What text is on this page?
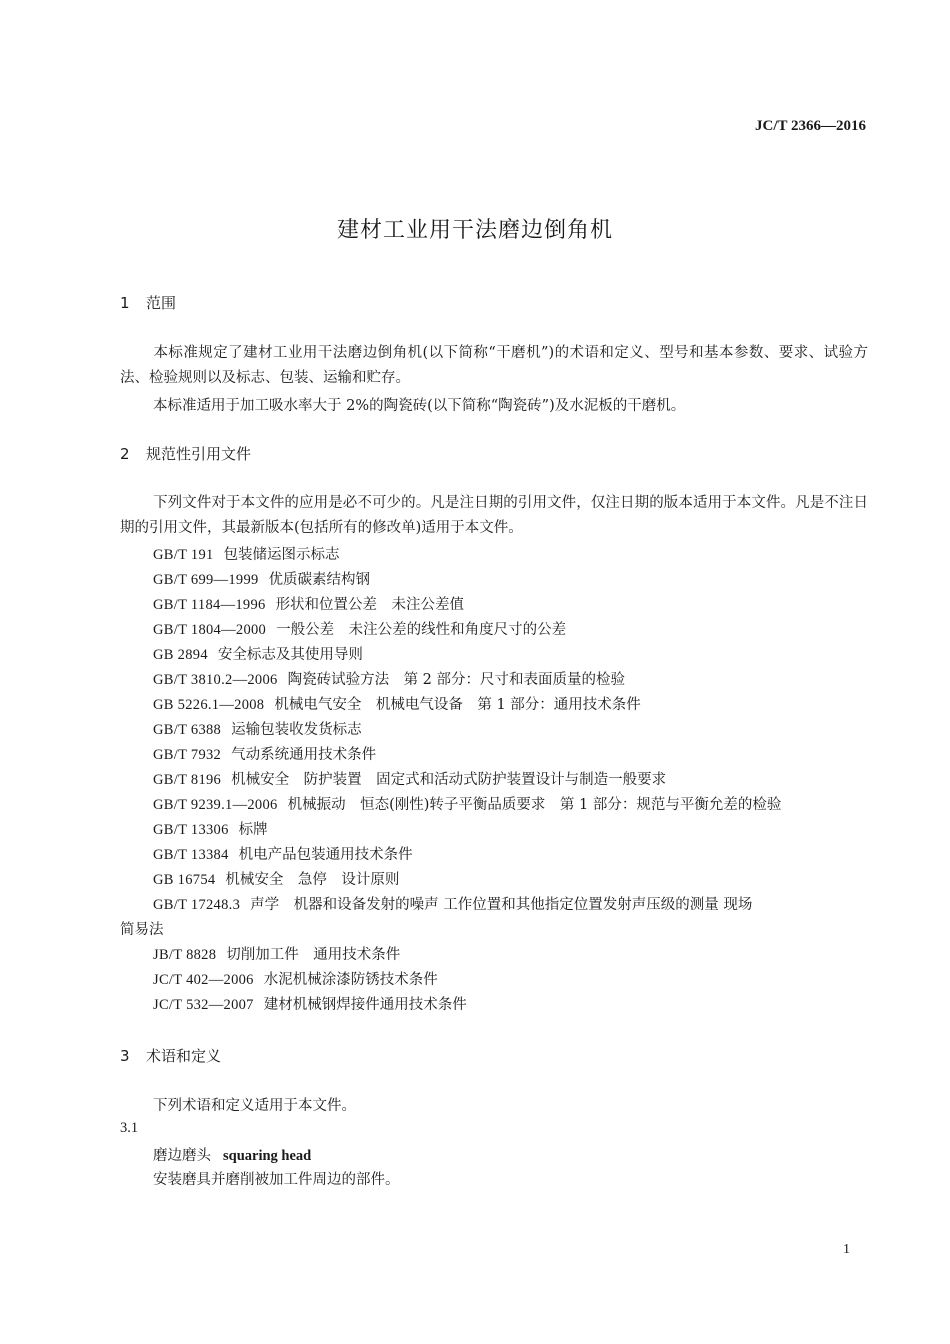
JC/T 2366—2016
建材工业用干法磨边倒角机
1 范围
本标准规定了建材工业用干法磨边倒角机(以下简称“干磨机”)的术语和定义、型号和基本参数、要求、试验方法、检验规则以及标志、包装、运输和贮存。
本标准适用于加工吸水率大于 2%的陶瓷砖(以下简称“陶瓷砖”)及水泥板的干磨机。
2 规范性引用文件
下列文件对于本文件的应用是必不可少的。凡是注日期的引用文件，仅注日期的版本适用于本文件。凡是不注日期的引用文件，其最新版本(包括所有的修改单)适用于本文件。
GB/T 191 包装储运图示标志
GB/T 699—1999 优质碳素结构钢
GB/T 1184—1996 形状和位置公差　未注公差值
GB/T 1804—2000 一般公差　未注公差的线性和角度尺寸的公差
GB 2894 安全标志及其使用导则
GB/T 3810.2—2006 陶瓷砖试验方法　第 2 部分：尺寸和表面质量的检验
GB 5226.1—2008 机械电气安全　机械电气设备　第 1 部分：通用技术条件
GB/T 6388 运输包装收发货标志
GB/T 7932 气动系统通用技术条件
GB/T 8196 机械安全　防护装置　固定式和活动式防护装置设计与制造一般要求
GB/T 9239.1—2006 机械振动　恒态(刚性)转子平衡品质要求　第 1 部分：规范与平衡允差的检验
GB/T 13306 标牌
GB/T 13384 机电产品包装通用技术条件
GB 16754 机械安全　急停　设计原则
GB/T 17248.3 声学　机器和设备发射的噪声 工作位置和其他指定位置发射声压级的测量 现场
简易法
JB/T 8828 切削加工件　通用技术条件
JC/T 402—2006 水泥机械涂漆防锈技术条件
JC/T 532—2007 建材机械钢焊接件通用技术条件
3 术语和定义
下列术语和定义适用于本文件。
3.1
磨边磨头 squaring head
安装磨具并磨削被加工件周边的部件。
1
